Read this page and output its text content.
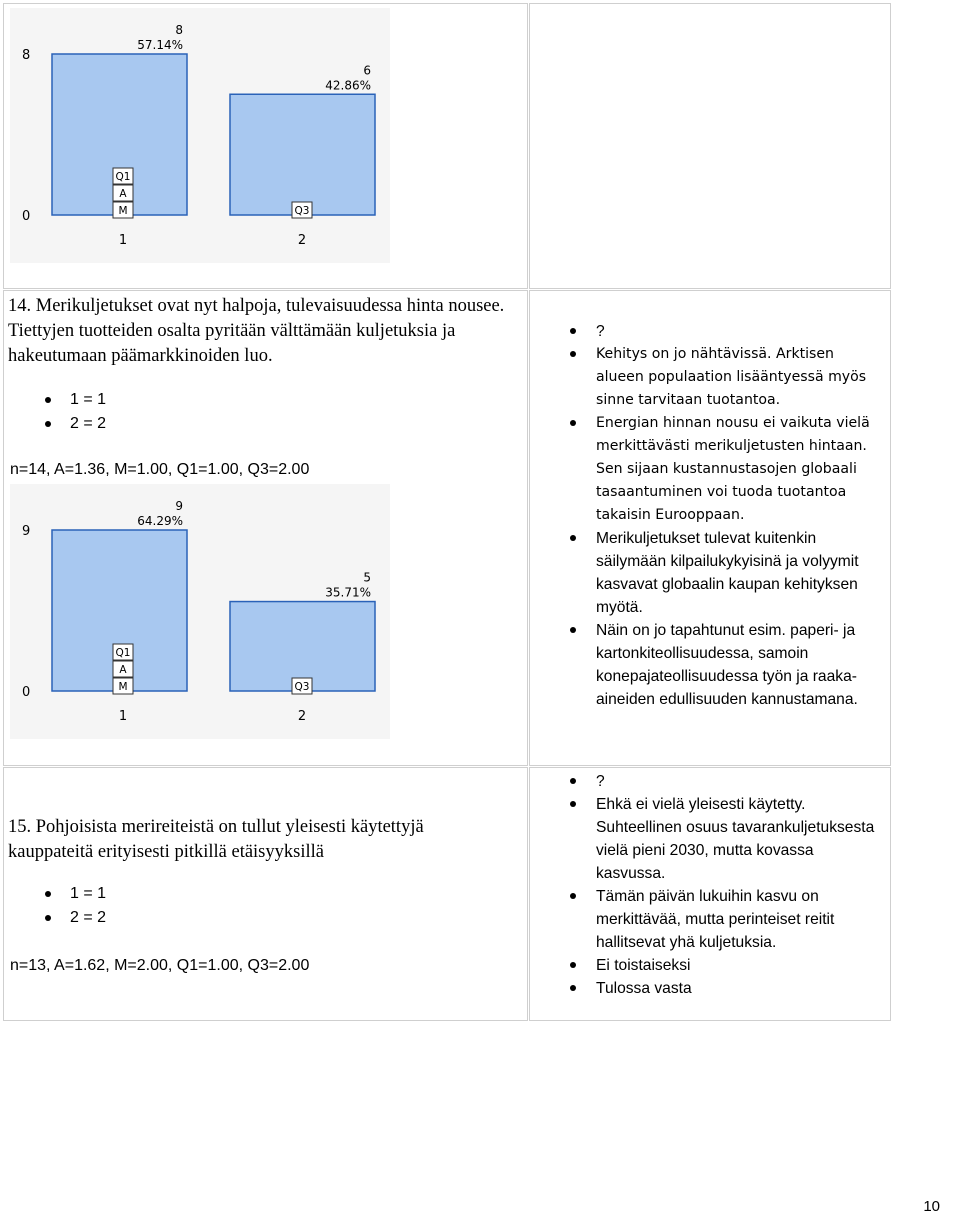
8
0
8
57.14%
1
Q1
A
M
6
42.86%
2
Q3
14. Merikuljetukset ovat nyt halpoja, tulevaisuudessa hinta nousee. Tiettyjen tuotteiden osalta pyritään välttämään kuljetuksia ja hakeutumaan päämarkkinoiden luo.
1 = 1
2 = 2
n=14, A=1.36, M=1.00, Q1=1.00, Q3=2.00
9
0
9
64.29%
1
Q1
A
M
5
35.71%
2
Q3
?
Kehitys on jo nähtävissä. Arktisen alueen populaation lisääntyessä myös sinne tarvitaan tuotantoa.
Energian hinnan nousu ei vaikuta vielä merkittävästi merikuljetusten hintaan. Sen sijaan kustannustasojen globaali tasaantuminen voi tuoda tuotantoa takaisin Eurooppaan.
Merikuljetukset tulevat kuitenkin säilymään kilpailukykyisinä ja volyymit kasvavat globaalin kaupan kehityksen myötä.
Näin on jo tapahtunut esim. paperi- ja kartonkiteollisuudessa, samoin konepajateollisuudessa työn ja raaka-aineiden edullisuuden kannustamana.
15. Pohjoisista merireiteistä on tullut yleisesti käytettyjä kauppateitä erityisesti pitkillä etäisyyksillä
1 = 1
2 = 2
n=13, A=1.62, M=2.00, Q1=1.00, Q3=2.00
?
Ehkä ei vielä yleisesti käytetty. Suhteellinen osuus tavarankuljetuksesta vielä pieni 2030, mutta kovassa kasvussa.
Tämän päivän lukuihin kasvu on merkittävää, mutta perinteiset reitit hallitsevat yhä kuljetuksia.
Ei toistaiseksi
Tulossa vasta
10
